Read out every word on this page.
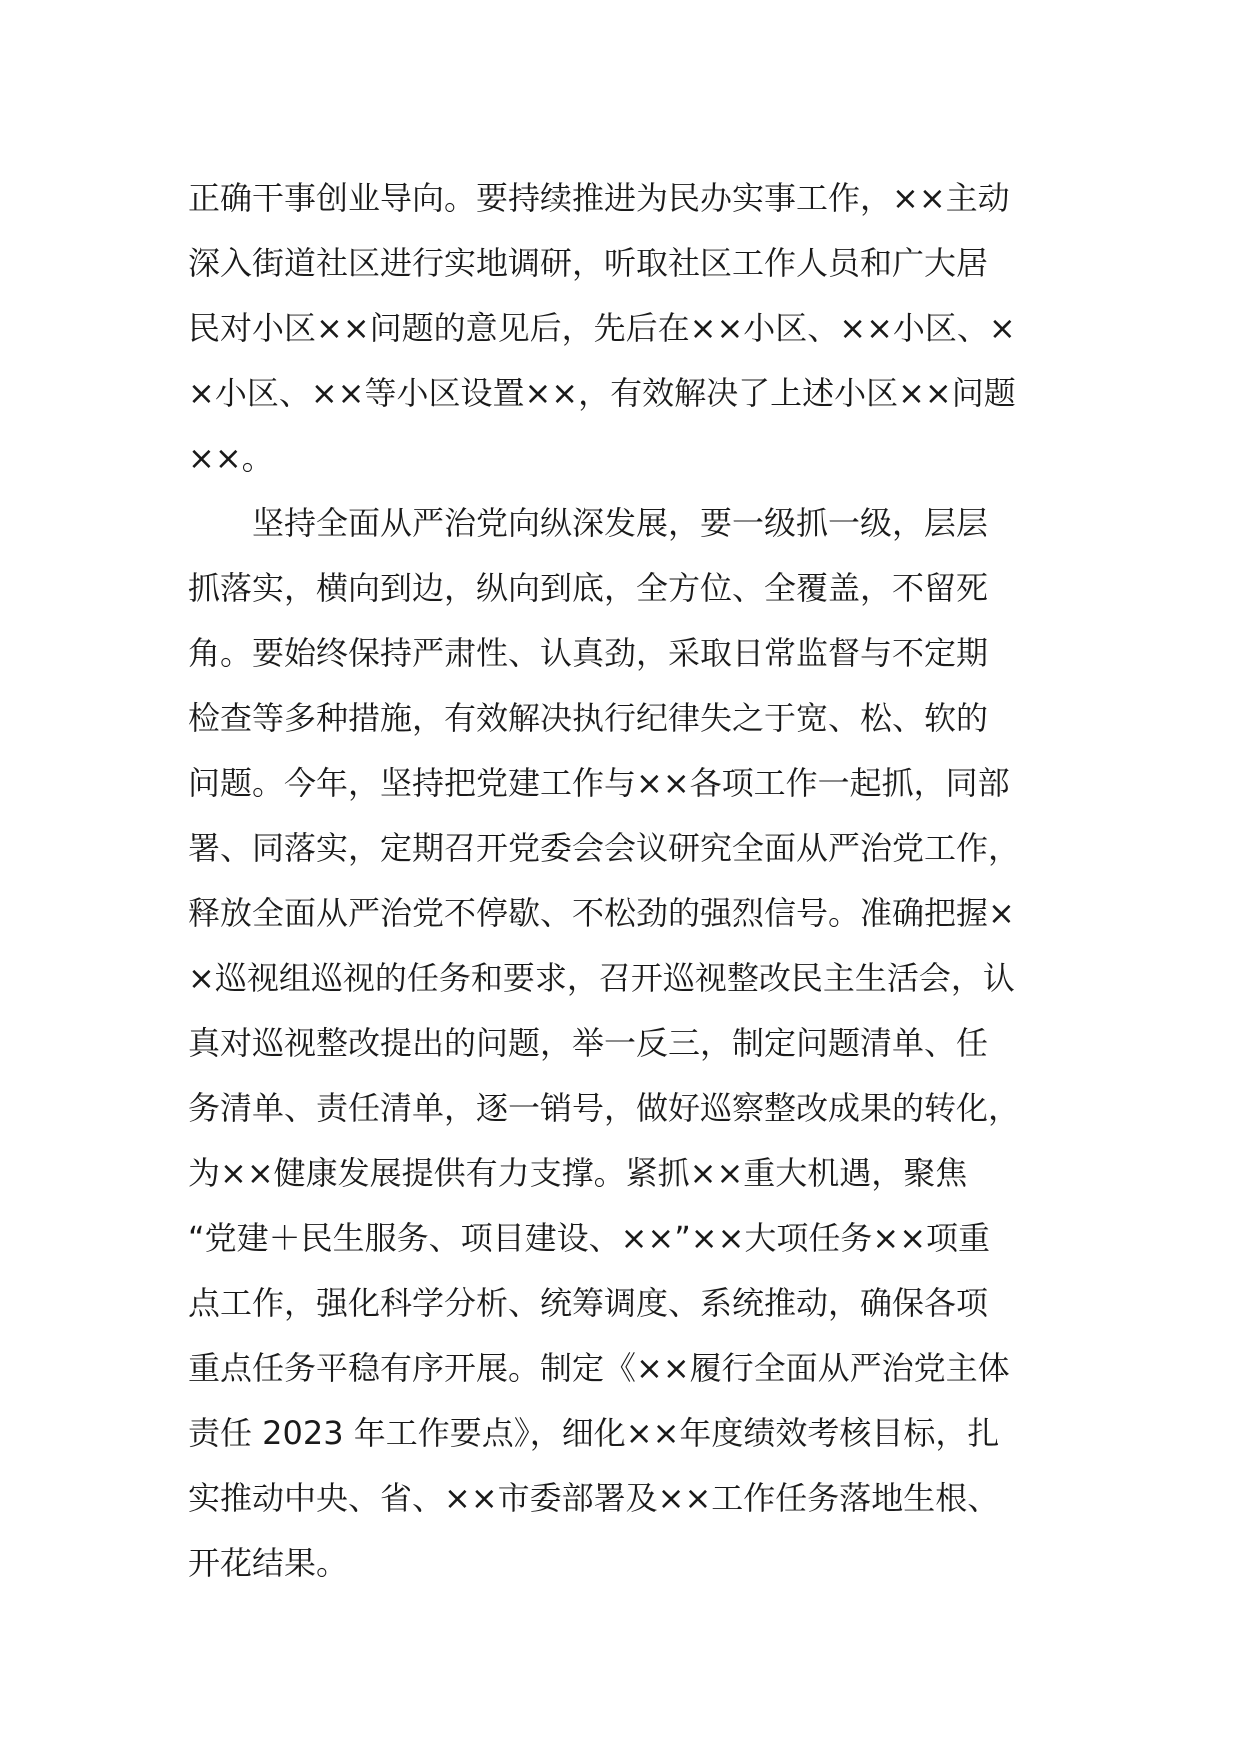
正确干事创业导向。要持续推进为民办实事工作，××主动
深入街道社区进行实地调研，听取社区工作人员和广大居
民对小区××问题的意见后，先后在××小区、××小区、×
×小区、××等小区设置××，有效解决了上述小区××问题
××。
坚持全面从严治党向纵深发展，要一级抓一级，层层
抓落实，横向到边，纵向到底，全方位、全覆盖，不留死
角。要始终保持严肃性、认真劲，采取日常监督与不定期
检查等多种措施，有效解决执行纪律失之于宽、松、软的
问题。今年，坚持把党建工作与××各项工作一起抓，同部
署、同落实，定期召开党委会会议研究全面从严治党工作，
释放全面从严治党不停歇、不松劲的强烈信号。准确把握×
×巡视组巡视的任务和要求，召开巡视整改民主生活会，认
真对巡视整改提出的问题，举一反三，制定问题清单、任
务清单、责任清单，逐一销号，做好巡察整改成果的转化，
为××健康发展提供有力支撑。紧抓××重大机遇，聚焦
“党建＋民生服务、项目建设、××”××大项任务××项重
点工作，强化科学分析、统筹调度、系统推动，确保各项
重点任务平稳有序开展。制定《××履行全面从严治党主体
责任 2023 年工作要点》，细化××年度绩效考核目标，扎
实推动中央、省、××市委部署及××工作任务落地生根、
开花结果。
